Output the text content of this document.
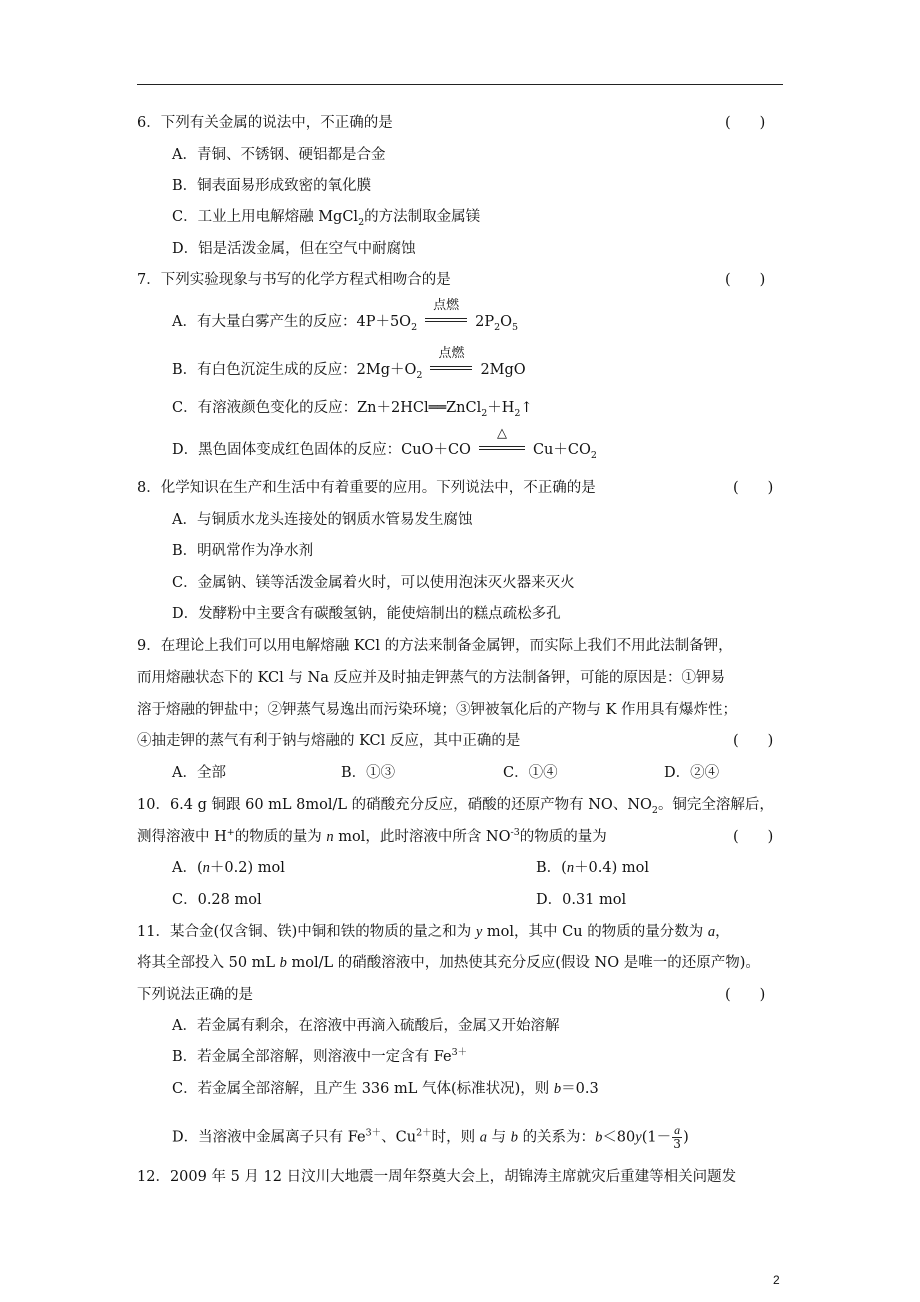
6．下列有关金属的说法中，不正确的是	(　　)
A．青铜、不锈钢、硬铝都是合金
B．铜表面易形成致密的氧化膜
C．工业上用电解熔融 MgCl$_2$的方法制取金属镁
D．铝是活泼金属，但在空气中耐腐蚀
7．下列实验现象与书写的化学方程式相吻合的是	(　　)
A．有大量白雾产生的反应：$4P+5O_2$
点燃
$2P_2O_5$
B．有白色沉淀生成的反应：$2Mg+O_2$
点燃
2MgO
C．有溶液颜色变化的反应：$Zn+2HCl══ZnCl_2+H_2↑$
D．黑色固体变成红色固体的反应：CuO＋CO
△
$Cu+CO_2$
8．化学知识在生产和生活中有着重要的应用。下列说法中，不正确的是	(　　)
A．与铜质水龙头连接处的钢质水管易发生腐蚀
B．明矾常作为净水剂
C．金属钠、镁等活泼金属着火时，可以使用泡沫灭火器来灭火
D．发酵粉中主要含有碳酸氢钠，能使焙制出的糕点疏松多孔
9．在理论上我们可以用电解熔融 KCl 的方法来制备金属钾，而实际上我们不用此法制备钾，
而用熔融状态下的 KCl 与 Na 反应并及时抽走钾蒸气的方法制备钾，可能的原因是：①钾易
溶于熔融的钾盐中；②钾蒸气易逸出而污染环境；③钾被氧化后的产物与 K 作用具有爆炸性；
④抽走钾的蒸气有利于钠与熔融的 KCl 反应，其中正确的是	(　　)
A．全部	B．①③	C．①④	D．②④
10．6.4 g 铜跟 60 mL 8mol/L 的硝酸充分反应，硝酸的还原产物有 NO、$NO_2$。铜完全溶解后，
测得溶液中 H+的物质的量为 n mol，此时溶液中所含 $NO^{-3}$的物质的量为	(　　)
A．(n＋0.2) mol	B．(n＋0.4) mol
C．0.28 mol	D．0.31 mol
11．某合金(仅含铜、铁)中铜和铁的物质的量之和为 y mol，其中 Cu 的物质的量分数为 a，
将其全部投入 50 mL b mol/L 的硝酸溶液中，加热使其充分反应(假设 NO 是唯一的还原产物)。
下列说法正确的是	(　　)
A．若金属有剩余，在溶液中再滴入硫酸后，金属又开始溶解
B．若金属全部溶解，则溶液中一定含有 $Fe^{3+}$
C．若金属全部溶解，且产生 336 mL 气体(标准状况)，则 b＝0.3
D．当溶液中金属离子只有 $Fe^{3+}$、$Cu^{2+}$时，则 a 与 b 的关系为：$b<80y(1- \frac{a}{3}$ )
12．2009 年 5 月 12 日汶川大地震一周年祭奠大会上，胡锦涛主席就灾后重建等相关问题发
2
